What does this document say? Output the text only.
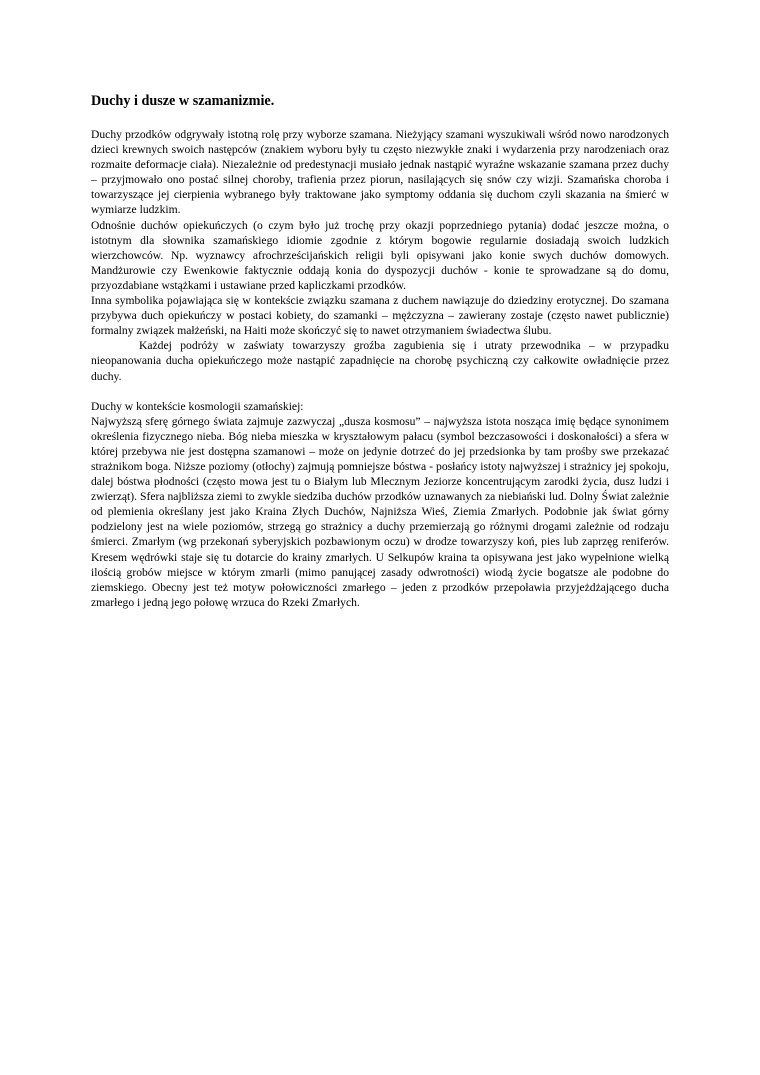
Duchy i dusze w szamanizmie.

Duchy przodków odgrywały istotną rolę przy wyborze szamana. Nieżyjący szamani wyszukiwali wśród nowo narodzonych dzieci krewnych swoich następców (znakiem wyboru były tu często niezwykłe znaki i wydarzenia przy narodzeniach oraz rozmaite deformacje ciała). Niezależnie od predestynacji musiało jednak nastąpić wyraźne wskazanie szamana przez duchy – przyjmowało ono postać silnej choroby, trafienia przez piorun, nasilających się snów czy wizji. Szamańska choroba i towarzyszące jej cierpienia wybranego były traktowane jako symptomy oddania się duchom czyli skazania na śmierć w wymiarze ludzkim.

Odnośnie duchów opiekuńczych (o czym było już trochę przy okazji poprzedniego pytania) dodać jeszcze można, o istotnym dla słownika szamańskiego idiomie zgodnie z którym bogowie regularnie dosiadają swoich ludzkich wierzchowców. Np. wyznawcy afrochrześcijańskich religii byli opisywani jako konie swych duchów domowych. Mandżurowie czy Ewenkowie faktycznie oddają konia do dyspozycji duchów - konie te sprowadzane są do domu, przyozdabiane wstążkami i ustawiane przed kapliczkami przodków.

Inna symbolika pojawiająca się w kontekście związku szamana z duchem nawiązuje do dziedziny erotycznej. Do szamana przybywa duch opiekuńczy w postaci kobiety, do szamanki – mężczyzna – zawierany zostaje (często nawet publicznie) formalny związek małżeński, na Haiti może skończyć się to nawet otrzymaniem świadectwa ślubu.

Każdej podróży w zaświaty towarzyszy groźba zagubienia się i utraty przewodnika – w przypadku nieopanowania ducha opiekuńczego może nastąpić zapadnięcie na chorobę psychiczną czy całkowite owładnięcie przez duchy.

Duchy w kontekście kosmologii szamańskiej:

Najwyższą sferę górnego świata zajmuje zazwyczaj „dusza kosmosu” – najwyższa istota nosząca imię będące synonimem określenia fizycznego nieba. Bóg nieba mieszka w kryształowym pałacu (symbol bezczasowości i doskonałości) a sfera w której przebywa nie jest dostępna szamanowi – może on jedynie dotrzeć do jej przedsionka by tam prośby swe przekazać strażnikom boga. Niższe poziomy (otłochy) zajmują pomniejsze bóstwa - posłańcy istoty najwyższej i strażnicy jej spokoju, dalej bóstwa płodności (często mowa jest tu o Białym lub Mlecznym Jeziorze koncentrującym zarodki życia, dusz ludzi i zwierząt). Sfera najbliższa ziemi to zwykle siedziba duchów przodków uznawanych za niebiański lud. Dolny Świat zależnie od plemienia określany jest jako Kraina Złych Duchów, Najniższa Wieś, Ziemia Zmarłych. Podobnie jak świat górny podzielony jest na wiele poziomów, strzegą go strażnicy a duchy przemierzają go różnymi drogami zależnie od rodzaju śmierci. Zmarłym (wg przekonań syberyjskich pozbawionym oczu) w drodze towarzyszy koń, pies lub zaprzęg reniferów. Kresem wędrówki staje się tu dotarcie do krainy zmarłych. U Selkupów kraina ta opisywana jest jako wypełnione wielką ilością grobów miejsce w którym zmarli (mimo panującej zasady odwrotności) wiodą życie bogatsze ale podobne do ziemskiego. Obecny jest też motyw połowiczności zmarłego – jeden z przodków przepoławia przyjeżdżającego ducha zmarłego i jedną jego połowę wrzuca do Rzeki Zmarłych.
